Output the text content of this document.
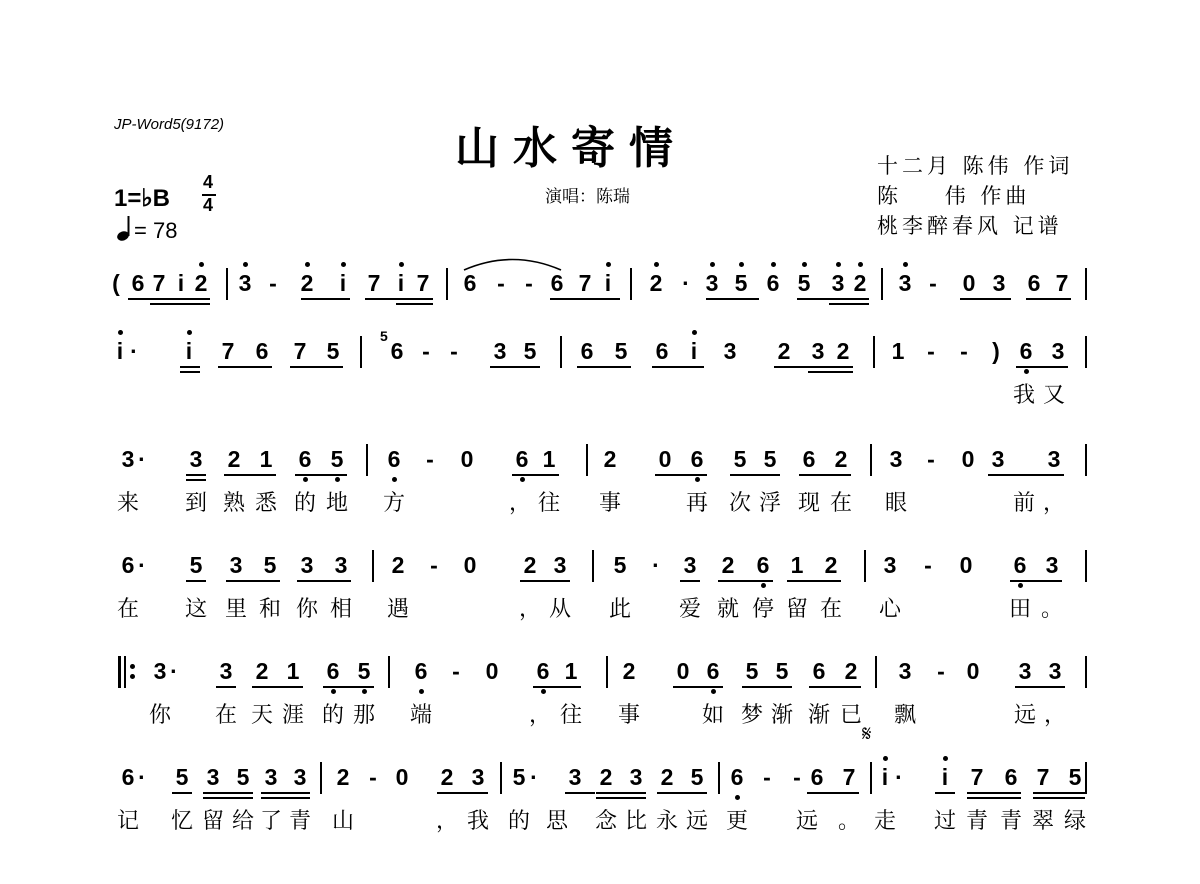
JP-Word5(9172)	山水寄情
演唱：陈瑞
十二月 陈伟 作词
陈    伟 作曲
桃李醉春风 记谱
1=♭B
4
4
= 78
( 6 7 i 2 3 - 2 i 7 i 7 6 - - 6 7 i 2 · 3 5 6 5 3 2 3 - 0 3 6 7
i · i 7 6 7 5 6 - - 3 5 6 5 6 i 3 2 3 2 1 - - ) 6 3
5
我 又
3 · 3 2 1 6 5 6 - 0 6 1 2 0 6 5 5 6 2 3 - 0 3 3
来 到 熟 悉 的 地 方	， 往 事	再 次 浮 现 在 眼	前 ，
6 · 5 3 5 3 3 2 - 0 2 3 5 · 3 2 6 1 2 3 - 0 6 3
在 这 里 和 你 相 遇	， 从 此 爱 就 停 留 在 心	田 。
3 · 3 2 1 6 5 6 - 0 6 1 2 0 6 5 5 6 2 3 - 0 3 3
你 在 天 涯 的 那 端	， 往 事	如 梦 渐 渐 已 飘	远 ，
𝄋
6 · 5 3 5 3 3 2 - 0 2 3 5 · 3 2 3 2 5 6 - - 6 7 i · i 7 6 7 5
记 忆 留 给 了 青 山	， 我 的 思 念 比 永 远 更 远 。 走 过 青 青 翠 绿
